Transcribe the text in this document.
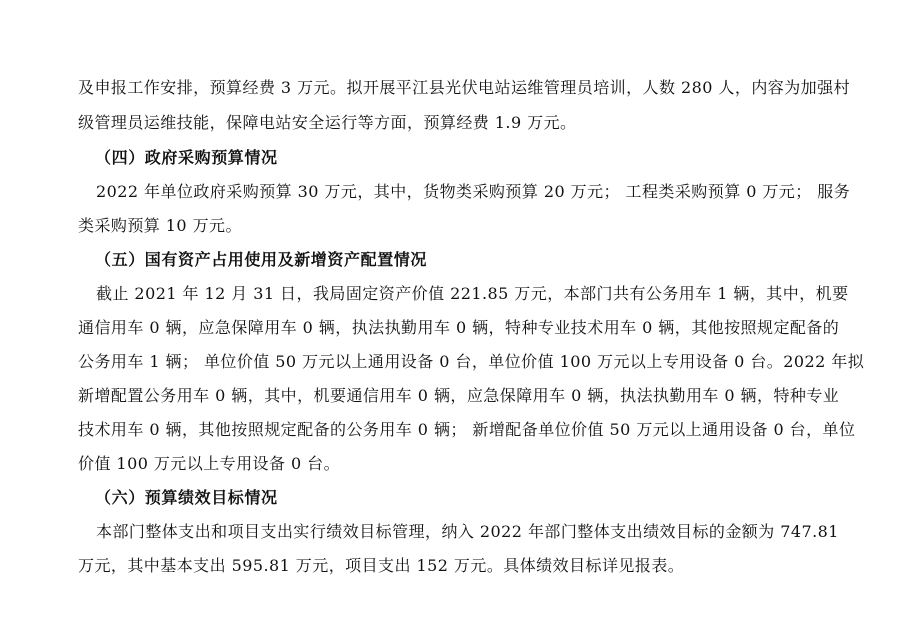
及申报工作安排，预算经费 3 万元。拟开展平江县光伏电站运维管理员培训，人数 280 人，内容为加强村
级管理员运维技能，保障电站安全运行等方面，预算经费 1.9 万元。
（四）政府采购预算情况
2022 年单位政府采购预算 30 万元，其中，货物类采购预算 20 万元； 工程类采购预算 0 万元； 服务
类采购预算 10 万元。
（五）国有资产占用使用及新增资产配置情况
截止 2021 年 12 月 31 日，我局固定资产价值 221.85 万元，本部门共有公务用车 1 辆，其中，机要
通信用车 0 辆，应急保障用车 0 辆，执法执勤用车 0 辆，特种专业技术用车 0 辆，其他按照规定配备的
公务用车 1 辆； 单位价值 50 万元以上通用设备 0 台，单位价值 100 万元以上专用设备 0 台。2022 年拟
新增配置公务用车 0 辆，其中，机要通信用车 0 辆，应急保障用车 0 辆，执法执勤用车 0 辆，特种专业
技术用车 0 辆，其他按照规定配备的公务用车 0 辆； 新增配备单位价值 50 万元以上通用设备 0 台，单位
价值 100 万元以上专用设备 0 台。
（六）预算绩效目标情况
本部门整体支出和项目支出实行绩效目标管理，纳入 2022 年部门整体支出绩效目标的金额为 747.81
万元，其中基本支出 595.81 万元，项目支出 152 万元。具体绩效目标详见报表。
